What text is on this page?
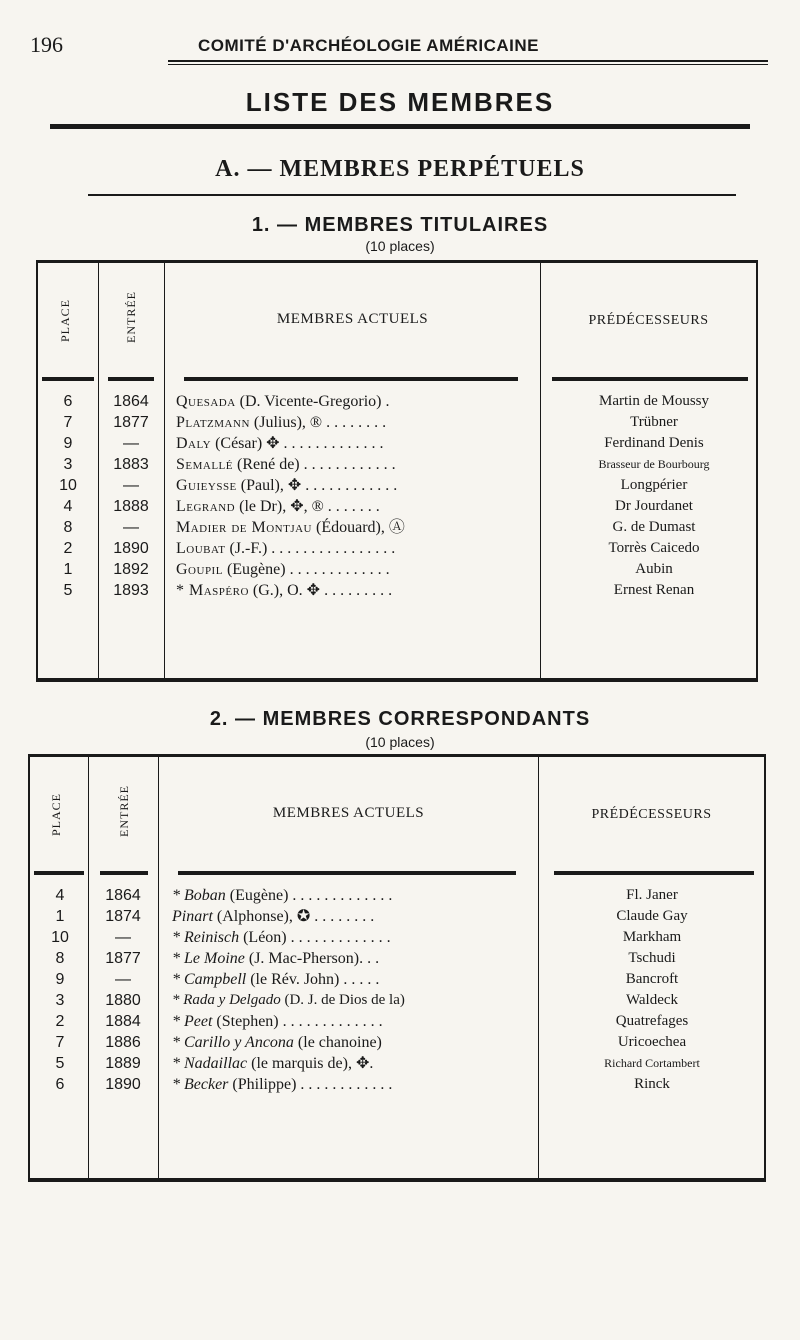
196	COMITÉ D'ARCHÉOLOGIE AMÉRICAINE
LISTE DES MEMBRES
A. — MEMBRES PERPÉTUELS
1. — MEMBRES TITULAIRES
(10 places)
PLACE	ENTRÉE	MEMBRES ACTUELS	PRÉDÉCESSEURS
6	1864	Quesada (D. Vicente-Gregorio) .	Martin de Moussy
7	1877	Platzmann (Julius), ® . . . . . . . .	Trübner
9	—	Daly (César) ✥ . . . . . . . . . . . . .	Ferdinand Denis
3	1883	Semallé (René de) . . . . . . . . . . . .	Brasseur de Bourbourg
10	—	Guieysse (Paul), ✥ . . . . . . . . . . . .	Longpérier
4	1888	Legrand (le Dr), ✥, ® . . . . . . .	Dr Jourdanet
8	—	Madier de Montjau (Édouard), Ⓐ	G. de Dumast
2	1890	Loubat (J.-F.) . . . . . . . . . . . . . . . .	Torrès Caicedo
1	1892	Goupil (Eugène) . . . . . . . . . . . . .	Aubin
5	1893	* Maspéro (G.), O. ✥ . . . . . . . . .	Ernest Renan
2. — MEMBRES CORRESPONDANTS
(10 places)
PLACE	ENTRÉE	MEMBRES ACTUELS	PRÉDÉCESSEURS
4	1864	* Boban (Eugène) . . . . . . . . . . . . .	Fl. Janer
1	1874	Pinart (Alphonse), ✪ . . . . . . . .	Claude Gay
10	—	* Reinisch (Léon) . . . . . . . . . . . . .	Markham
8	1877	* Le Moine (J. Mac-Pherson). . .	Tschudi
9	—	* Campbell (le Rév. John) . . . . .	Bancroft
3	1880	* Rada y Delgado (D. J. de Dios de la)	Waldeck
2	1884	* Peet (Stephen) . . . . . . . . . . . . .	Quatrefages
7	1886	* Carillo y Ancona (le chanoine)	Uricoechea
5	1889	* Nadaillac (le marquis de), ✥.	Richard Cortambert
6	1890	* Becker (Philippe) . . . . . . . . . . . .	Rinck
